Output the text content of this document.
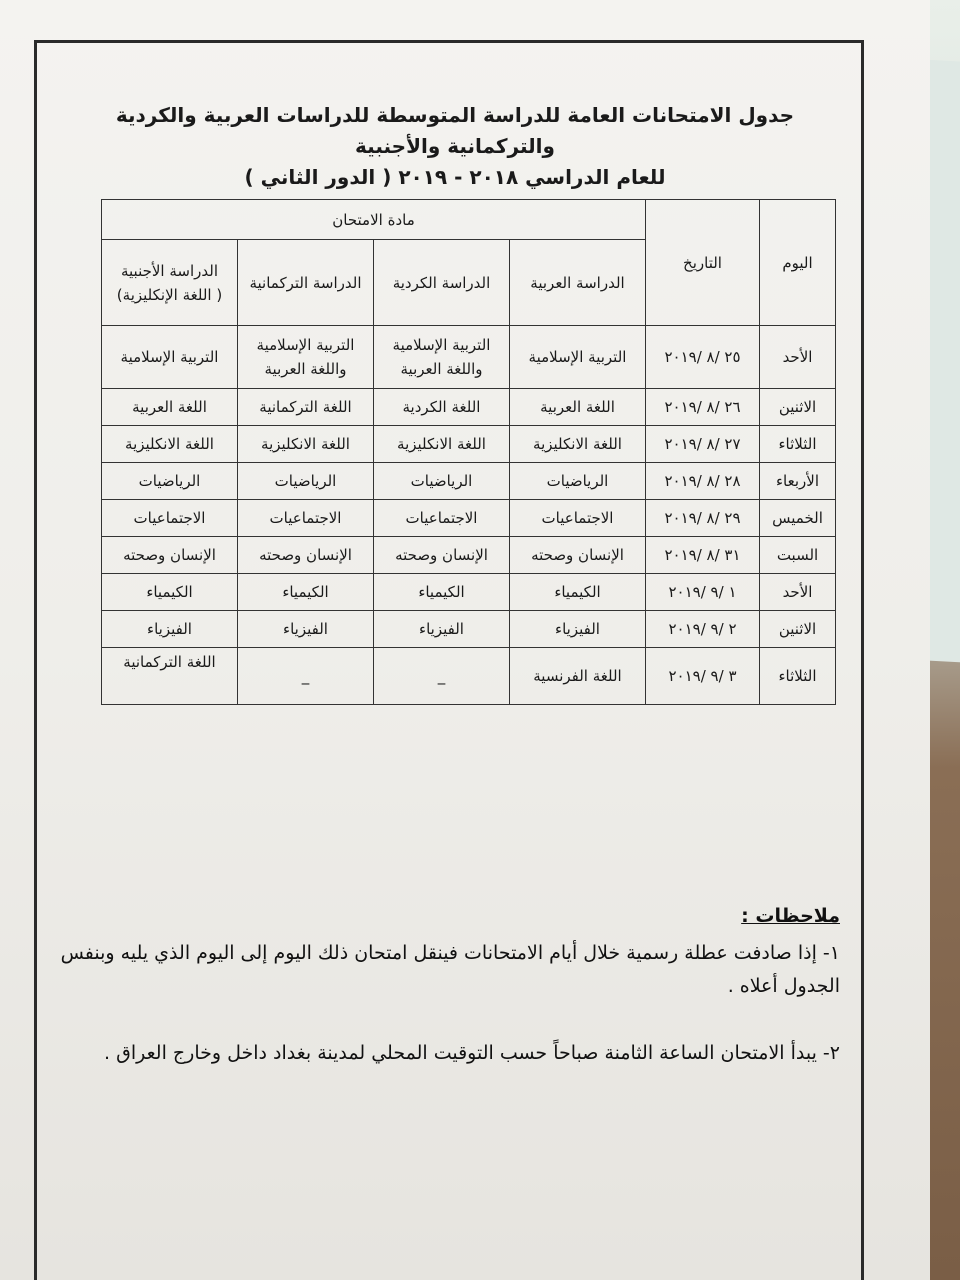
جدول الامتحانات العامة للدراسة المتوسطة للدراسات العربية والكردية والتركمانية والأجنبية
للعام الدراسي ٢٠١٨ - ٢٠١٩ ( الدور الثاني )
اليوم	التاريخ	مادة الامتحان			
		الدراسة العربية	الدراسة الكردية	الدراسة التركمانية	الدراسة الأجنبية
( اللغة الإنكليزية)

الأحد	٢٥ /٨ /٢٠١٩	التربية الإسلامية	التربية الإسلامية واللغة العربية	التربية الإسلامية واللغة العربية	التربية الإسلامية
الاثنين	٢٦ /٨ /٢٠١٩	اللغة العربية	اللغة الكردية	اللغة التركمانية	اللغة العربية
الثلاثاء	٢٧ /٨ /٢٠١٩	اللغة الانكليزية	اللغة الانكليزية	اللغة الانكليزية	اللغة الانكليزية
الأربعاء	٢٨ /٨ /٢٠١٩	الرياضيات	الرياضيات	الرياضيات	الرياضيات
الخميس	٢٩ /٨ /٢٠١٩	الاجتماعيات	الاجتماعيات	الاجتماعيات	الاجتماعيات
السبت	٣١ /٨ /٢٠١٩	الإنسان وصحته	الإنسان وصحته	الإنسان وصحته	الإنسان وصحته
الأحد	١ /٩ /٢٠١٩	الكيمياء	الكيمياء	الكيمياء	الكيمياء
الاثنين	٢ /٩ /٢٠١٩	الفيزياء	الفيزياء	الفيزياء	الفيزياء
الثلاثاء	٣ /٩ /٢٠١٩	اللغة الفرنسية	_	_	اللغة التركمانية
ملاحظات :
١- إذا صادفت عطلة رسمية خلال أيام الامتحانات فينقل امتحان ذلك اليوم إلى اليوم الذي يليه وبنفس الجدول أعلاه .
٢- يبدأ الامتحان الساعة الثامنة صباحاً حسب التوقيت المحلي لمدينة بغداد داخل وخارج العراق .
